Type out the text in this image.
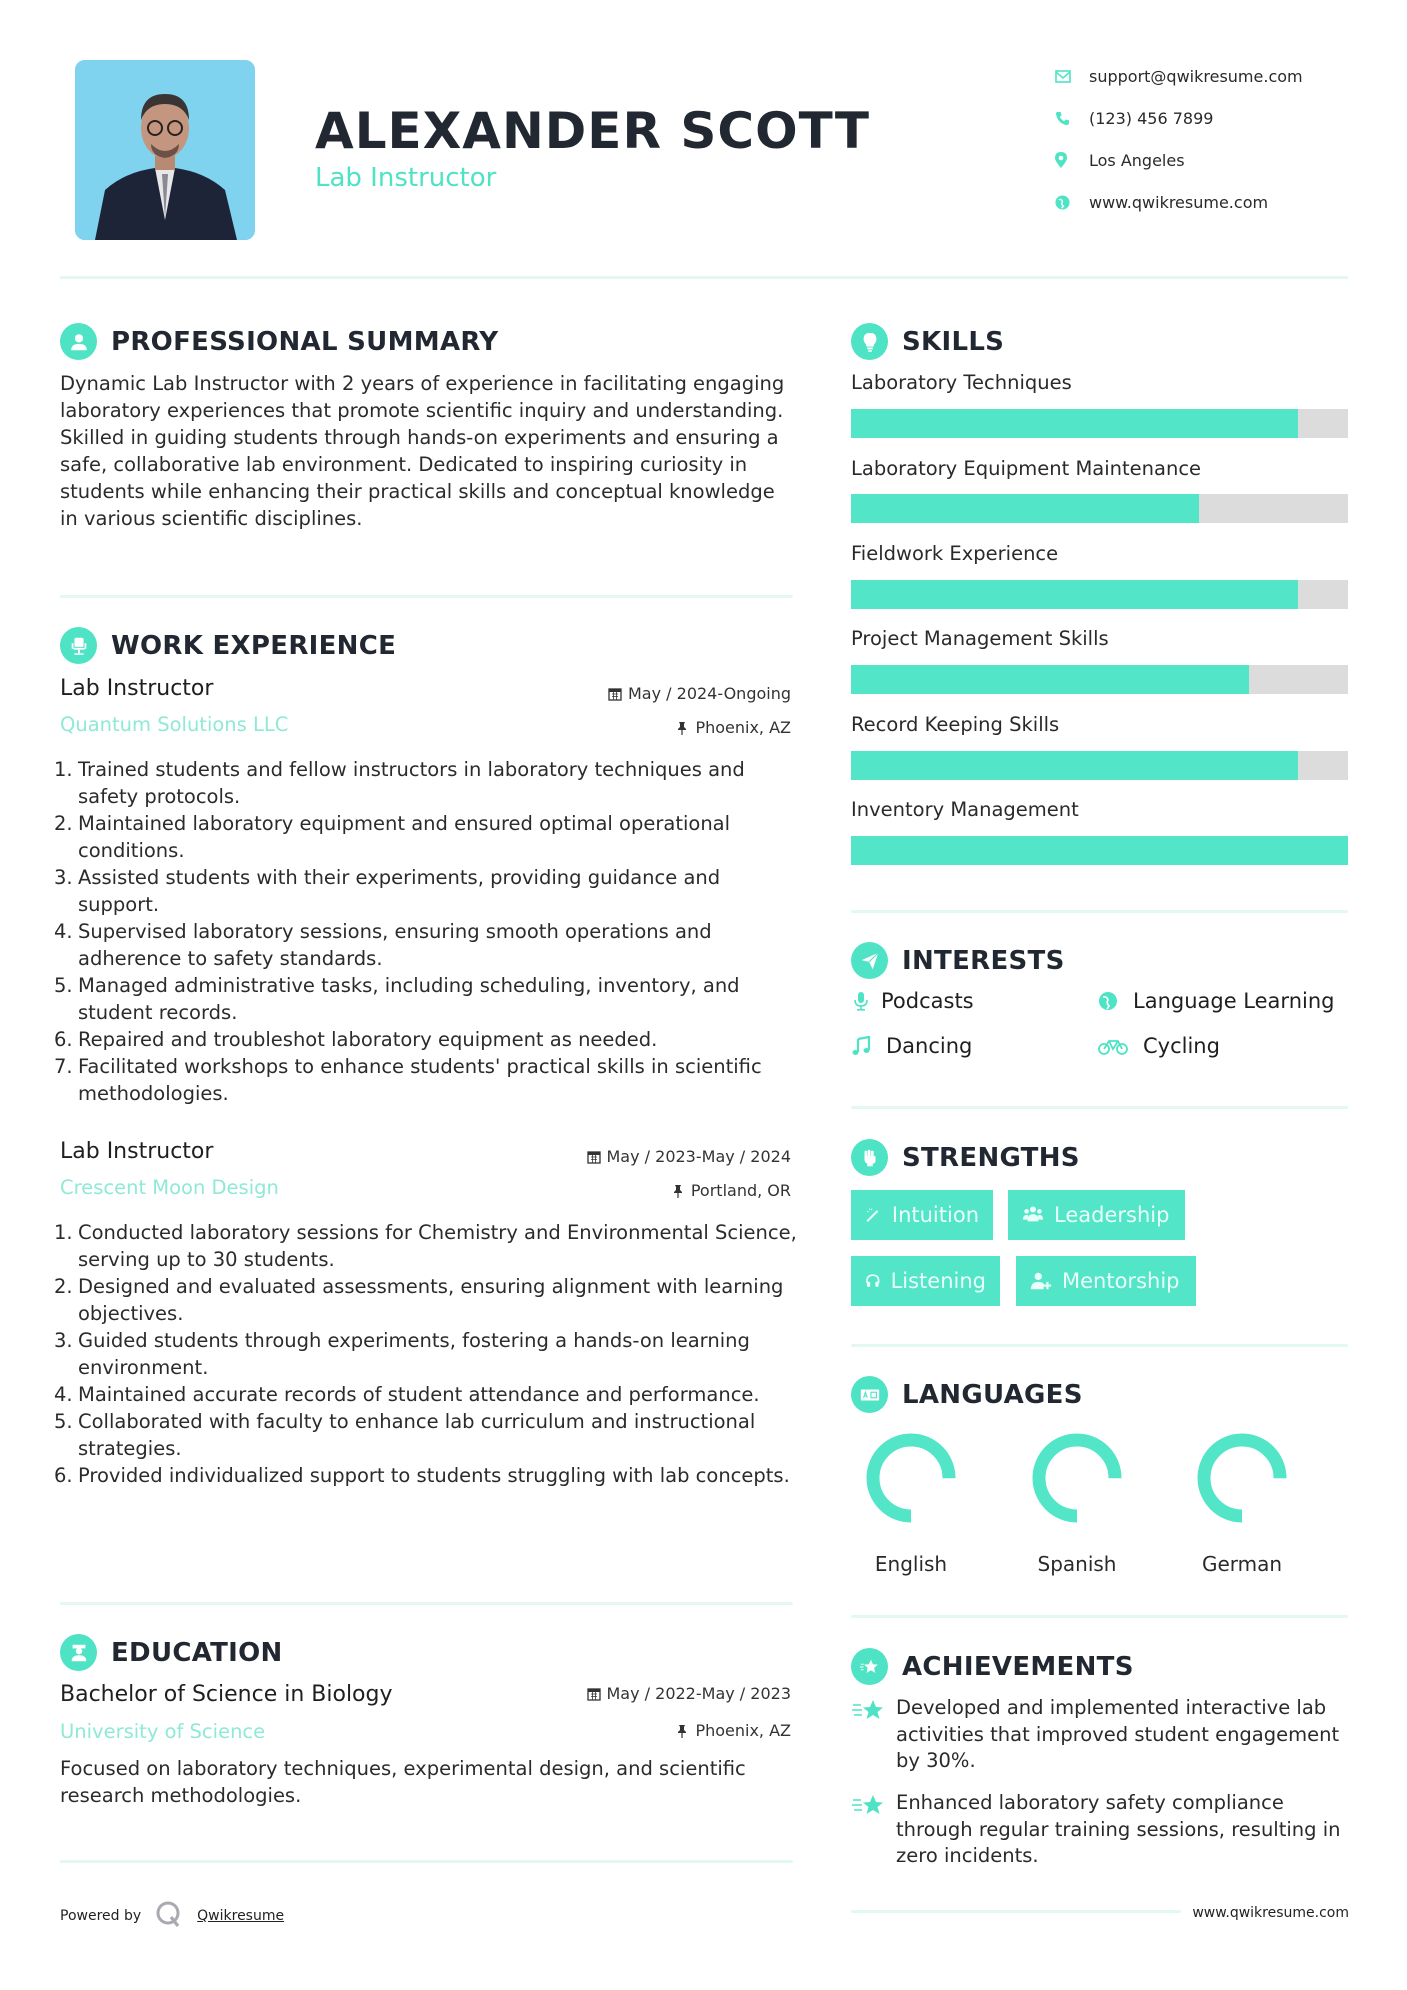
ALEXANDER SCOTT
Lab Instructor
support@qwikresume.com
(123) 456 7899
Los Angeles
www.qwikresume.com
PROFESSIONAL SUMMARY
Dynamic Lab Instructor with 2 years of experience in facilitating engaging laboratory experiences that promote scientific inquiry and understanding. Skilled in guiding students through hands-on experiments and ensuring a safe, collaborative lab environment. Dedicated to inspiring curiosity in students while enhancing their practical skills and conceptual knowledge in various scientific disciplines.
WORK EXPERIENCE
Lab Instructor	May / 2024-Ongoing
Quantum Solutions LLC	Phoenix, AZ
Trained students and fellow instructors in laboratory techniques and safety protocols.
Maintained laboratory equipment and ensured optimal operational conditions.
Assisted students with their experiments, providing guidance and support.
Supervised laboratory sessions, ensuring smooth operations and adherence to safety standards.
Managed administrative tasks, including scheduling, inventory, and student records.
Repaired and troubleshot laboratory equipment as needed.
Facilitated workshops to enhance students' practical skills in scientific methodologies.
Lab Instructor	May / 2023-May / 2024
Crescent Moon Design	Portland, OR
Conducted laboratory sessions for Chemistry and Environmental Science, serving up to 30 students.
Designed and evaluated assessments, ensuring alignment with learning objectives.
Guided students through experiments, fostering a hands-on learning environment.
Maintained accurate records of student attendance and performance.
Collaborated with faculty to enhance lab curriculum and instructional strategies.
Provided individualized support to students struggling with lab concepts.
EDUCATION
Bachelor of Science in Biology	May / 2022-May / 2023
University of Science	Phoenix, AZ
Focused on laboratory techniques, experimental design, and scientific research methodologies.
SKILLS
Laboratory Techniques
Laboratory Equipment Maintenance
Fieldwork Experience
Project Management Skills
Record Keeping Skills
Inventory Management
INTERESTS
Podcasts	Language Learning
Dancing	Cycling
STRENGTHS
Intuition	Leadership
Listening	Mentorship
LANGUAGES
English	Spanish	German
ACHIEVEMENTS
Developed and implemented interactive lab activities that improved student engagement by 30%.
Enhanced laboratory safety compliance through regular training sessions, resulting in zero incidents.
Powered by	Qwikresume	www.qwikresume.com
